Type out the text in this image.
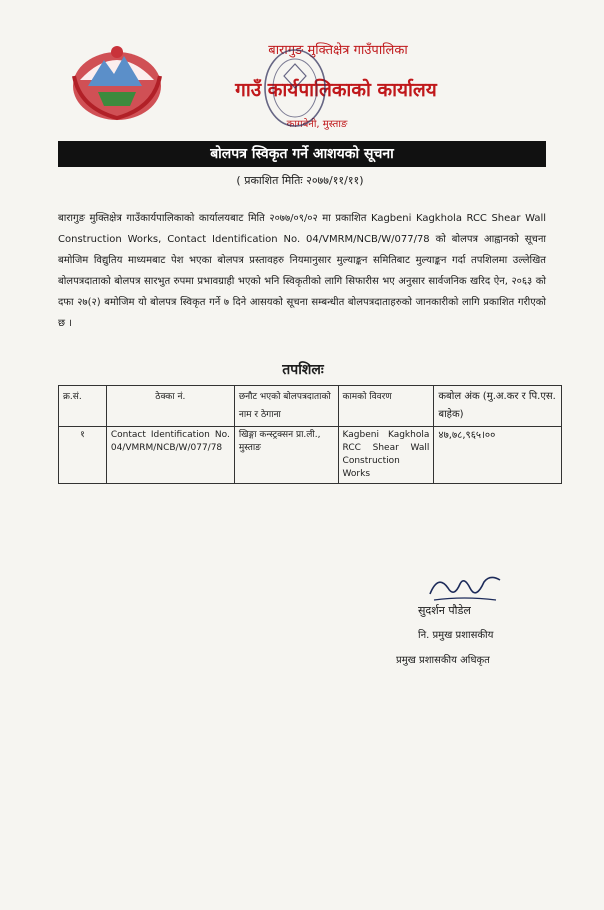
बारागुङ मुक्तिक्षेत्र गाउँपालिका
गाउँ कार्यपालिकाको कार्यालय
कागबेनी, मुस्ताङ
बोलपत्र स्विकृत गर्ने आशयको सूचना
( प्रकाशित मितिः २०७७/११/११)
बारागुङ मुक्तिक्षेत्र गाउँकार्यपालिकाको कार्यालयबाट मिति २०७७/०९/०२ मा प्रकाशित Kagbeni Kagkhola RCC Shear Wall Construction Works, Contact Identification No. 04/VMRM/NCB/W/077/78 को बोलपत्र आह्वानको सूचना बमोजिम विद्युतिय माध्यमबाट पेश भएका बोलपत्र प्रस्तावहरु नियमानुसार मुल्याङ्कन समितिबाट मुल्याङ्कन गर्दा तपशिलमा उल्लेखित बोलपत्रदाताको बोलपत्र सारभुत रुपमा प्रभावग्राही भएको भनि स्विकृतीको लागि सिफारीस भए अनुसार सार्वजनिक खरिद ऐन, २०६३ को दफा २७(२) बमोजिम यो बोलपत्र स्विकृत गर्ने ७ दिने आसयको सूचना सम्बन्धीत बोलपत्रदाताहरुको जानकारीको लागि प्रकाशित गरीएको छ ।
तपशिलः
क्र.सं.	ठेक्का नं.	छनौट भएको बोलपत्रदाताको नाम र ठेगाना	कामको विवरण	कबोल अंक (मु.अ.कर र पि.एस. बाहेक)
१	Contact Identification No. 04/VMRM/NCB/W/077/78	खिङ्गा कन्स्ट्रक्सन प्रा.ली., मुस्ताङ	Kagbeni Kagkhola RCC Shear Wall Construction Works	४७,७८,९६५।००
सुदर्शन पौडेल
नि. प्रमुख प्रशासकीय
प्रमुख प्रशासकीय अधिकृत
